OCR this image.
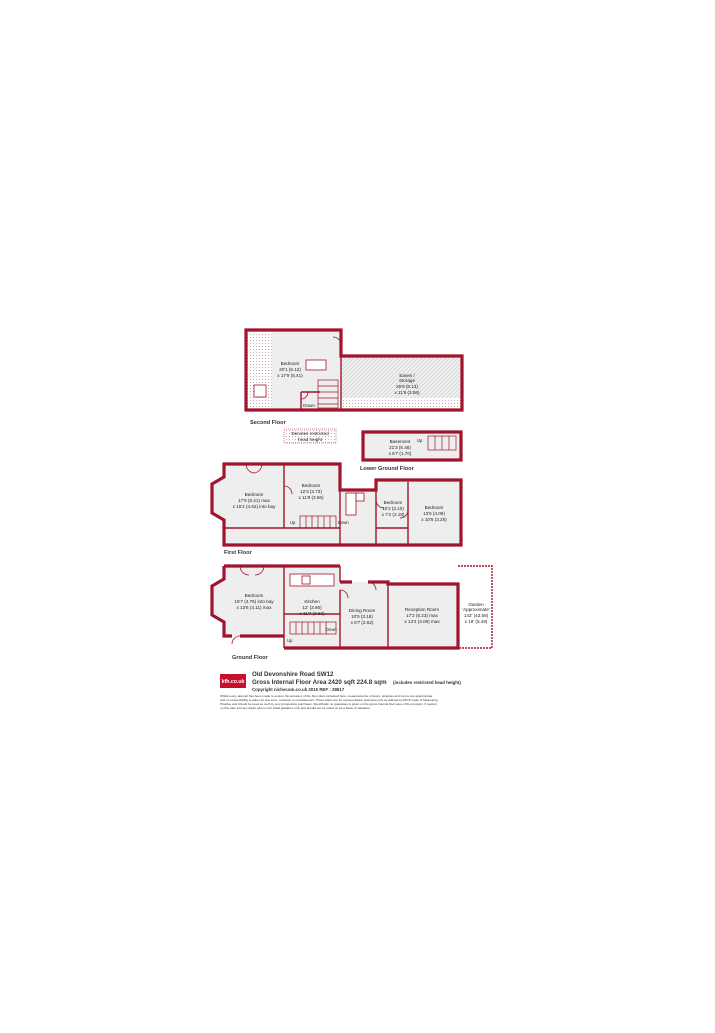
Bedroom
20'1 (6.12)
x 17'9 (5.41)	Eaves /
Storage
26'8 (8.13)
x 11'9 (3.58)
Down
Second Floor
Denotes restricted
head height	Basement
21'3 (6.48)
x 5'7 (1.70)
Up
Lower Ground Floor
Bedroom
17'9 (5.41) max
x 15'2 (4.62) into bay
Bedroom
12'3 (3.73)
x 11'8 (3.56)
Bedroom
10'2 (3.10)
x 7'2 (2.18)
Bedroom
13'5 (4.09)
x 10'8 (3.25)
Up	Down
First Floor
Bedroom
15'7 (4.75) into bay
x 13'6 (4.11) max
Kitchen
12' (3.66)
x 11'7 (3.53)
Dining Room
10'5 (3.18)
x 8'7 (2.62)
Reception Room
17'2 (5.23) max
x 13'4 (4.06) max
Garden
'Approximate'
143' (43.58)
x 18' (5.49)
Up
Down
Ground Floor
kfh.co.uk
Old Devonshire Road SW12
Gross Internal Floor Area 2420 sqft 224.8 sqm (includes restricted head height)
Copyright nichecom.co.uk 2015 REF : 38917
Whilst every attempt has been made to ensure the accuracy of the floor plan contained here, measurements of doors, windows and rooms are approximate
and no responsibility is taken for any error, omission or misstatement. These plans are for representation purposes only as defined by RICS Code of Measuring
Practice and should be used as such by any prospective purchaser. Specifically no guarantee is given on the gross internal floor area of the property. If quoted
on this plan and any figure given is for initial guidance only and should not be relied on as a basis of valuation.
